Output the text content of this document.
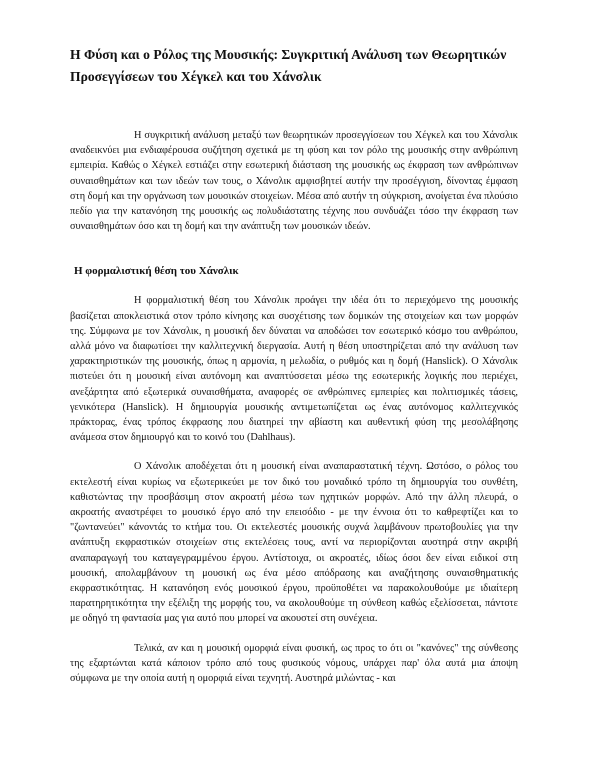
Η Φύση και ο Ρόλος της Μουσικής: Συγκριτική Ανάλυση των Θεωρητικών Προσεγγίσεων του Χέγκελ και του Χάνσλικ

Η συγκριτική ανάλυση μεταξύ των θεωρητικών προσεγγίσεων του Χέγκελ και του Χάνσλικ αναδεικνύει μια ενδιαφέρουσα συζήτηση σχετικά με τη φύση και τον ρόλο της μουσικής στην ανθρώπινη εμπειρία. Καθώς ο Χέγκελ εστιάζει στην εσωτερική διάσταση της μουσικής ως έκφραση των ανθρώπινων συναισθημάτων και των ιδεών των τους, ο Χάνσλικ αμφισβητεί αυτήν την προσέγγιση, δίνοντας έμφαση στη δομή και την οργάνωση των μουσικών στοιχείων. Μέσα από αυτήν τη σύγκριση, ανοίγεται ένα πλούσιο πεδίο για την κατανόηση της μουσικής ως πολυδιάστατης τέχνης που συνδυάζει τόσο την έκφραση των συναισθημάτων όσο και τη δομή και την ανάπτυξη των μουσικών ιδεών.

Η φορμαλιστική θέση του Χάνσλικ

Η φορμαλιστική θέση του Χάνσλικ προάγει την ιδέα ότι το περιεχόμενο της μουσικής βασίζεται αποκλειστικά στον τρόπο κίνησης και συσχέτισης των δομικών της στοιχείων και των μορφών της. Σύμφωνα με τον Χάνσλικ, η μουσική δεν δύναται να αποδώσει τον εσωτερικό κόσμο του ανθρώπου, αλλά μόνο να διαφωτίσει την καλλιτεχνική διεργασία. Αυτή η θέση υποστηρίζεται από την ανάλυση των χαρακτηριστικών της μουσικής, όπως η αρμονία, η μελωδία, ο ρυθμός και η δομή (Hanslick). Ο Χάνσλικ πιστεύει ότι η μουσική είναι αυτόνομη και αναπτύσσεται μέσω της εσωτερικής λογικής που περιέχει, ανεξάρτητα από εξωτερικά συναισθήματα, αναφορές σε ανθρώπινες εμπειρίες και πολιτισμικές τάσεις, γενικότερα (Hanslick). Η δημιουργία μουσικής αντιμετωπίζεται ως ένας αυτόνομος καλλιτεχνικός πράκτορας, ένας τρόπος έκφρασης που διατηρεί την αβίαστη και αυθεντική φύση της μεσολάβησης ανάμεσα στον δημιουργό και το κοινό του (Dahlhaus).

Ο Χάνσλικ αποδέχεται ότι η μουσική είναι αναπαραστατική τέχνη. Ωστόσο, ο ρόλος του εκτελεστή είναι κυρίως να εξωτερικεύει με τον δικό του μοναδικό τρόπο τη δημιουργία του συνθέτη, καθιστώντας την προσβάσιμη στον ακροατή μέσω των ηχητικών μορφών. Από την άλλη πλευρά, ο ακροατής αναστρέφει το μουσικό έργο από την επεισόδιο - με την έννοια ότι το καθρεφτίζει και το "ζωντανεύει" κάνοντάς το κτήμα του. Οι εκτελεστές μουσικής συχνά λαμβάνουν πρωτοβουλίες για την ανάπτυξη εκφραστικών στοιχείων στις εκτελέσεις τους, αντί να περιορίζονται αυστηρά στην ακριβή αναπαραγωγή του καταγεγραμμένου έργου. Αντίστοιχα, οι ακροατές, ιδίως όσοι δεν είναι ειδικοί στη μουσική, απολαμβάνουν τη μουσική ως ένα μέσο απόδρασης και αναζήτησης συναισθηματικής εκφραστικότητας. Η κατανόηση ενός μουσικού έργου, προϋποθέτει να παρακολουθούμε με ιδιαίτερη παρατηρητικότητα την εξέλιξη της μορφής του, να ακολουθούμε τη σύνθεση καθώς εξελίσσεται, πάντοτε με οδηγό τη φαντασία μας για αυτό που μπορεί να ακουστεί στη συνέχεια.

Τελικά, αν και η μουσική ομορφιά είναι φυσική, ως προς το ότι οι "κανόνες" της σύνθεσης της εξαρτώνται κατά κάποιον τρόπο από τους φυσικούς νόμους, υπάρχει παρ' όλα αυτά μια άποψη σύμφωνα με την οποία αυτή η ομορφιά είναι τεχνητή. Αυστηρά μιλώντας - και
